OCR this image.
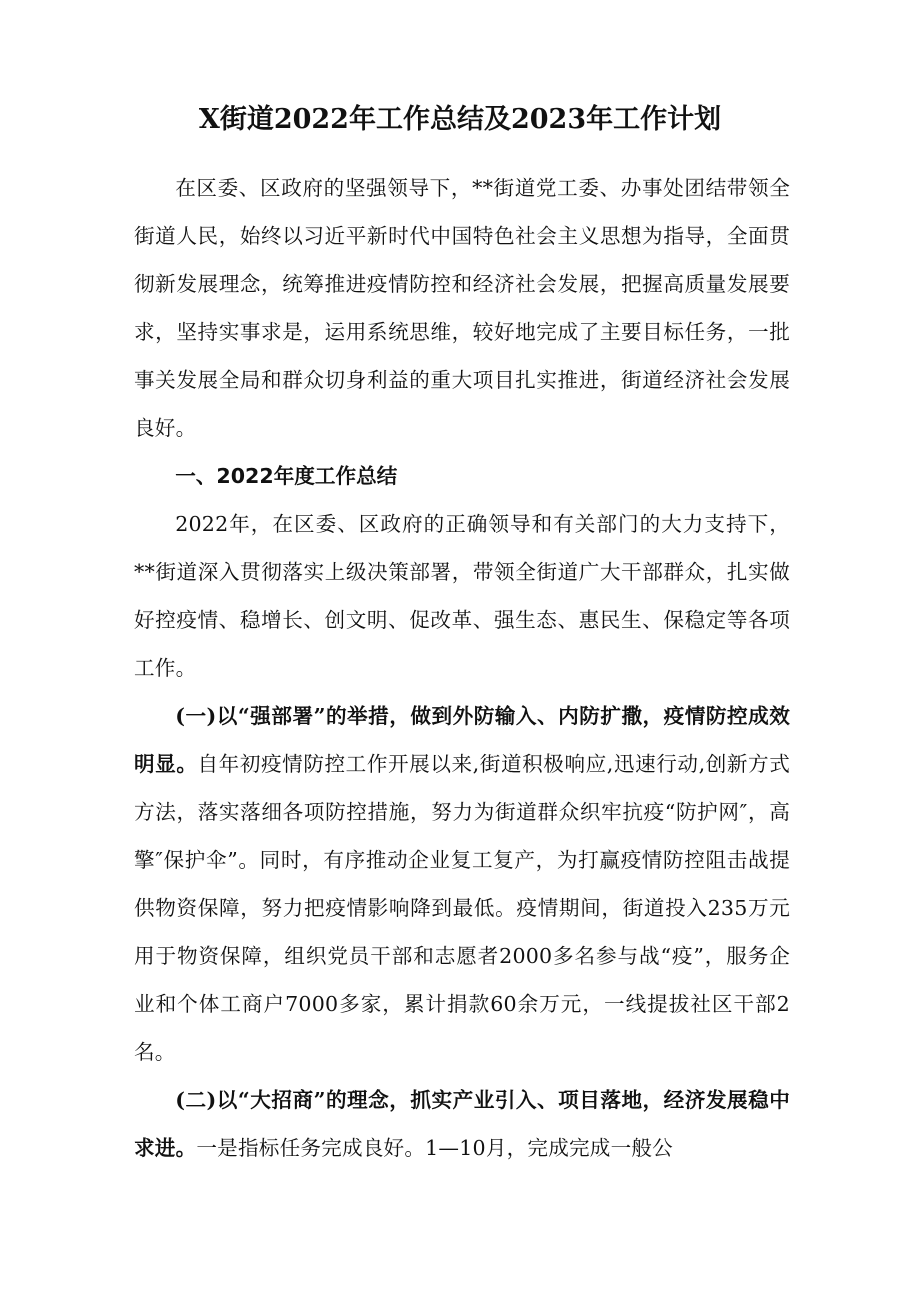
X街道2022年工作总结及2023年工作计划

在区委、区政府的坚强领导下，**街道党工委、办事处团结带领全街道人民，始终以习近平新时代中国特色社会主义思想为指导，全面贯彻新发展理念，统筹推进疫情防控和经济社会发展，把握高质量发展要求，坚持实事求是，运用系统思维，较好地完成了主要目标任务，一批事关发展全局和群众切身利益的重大项目扎实推进，街道经济社会发展良好。

一、2022年度工作总结

2022年，在区委、区政府的正确领导和有关部门的大力支持下，**街道深入贯彻落实上级决策部署，带领全街道广大干部群众，扎实做好控疫情、稳增长、创文明、促改革、强生态、惠民生、保稳定等各项工作。

(一)以“强部署”的举措，做到外防输入、内防扩撒，疫情防控成效明显。自年初疫情防控工作开展以来,街道积极响应,迅速行动,创新方式方法，落实落细各项防控措施，努力为街道群众织牢抗疫“防护网″，高擎″保护伞”。同时，有序推动企业复工复产，为打赢疫情防控阻击战提供物资保障，努力把疫情影响降到最低。疫情期间，街道投入235万元用于物资保障，组织党员干部和志愿者2000多名参与战“疫”，服务企业和个体工商户7000多家，累计捐款60余万元，一线提拔社区干部2名。

(二)以“大招商”的理念，抓实产业引入、项目落地，经济发展稳中求进。一是指标任务完成良好。1—10月，完成完成一般公
